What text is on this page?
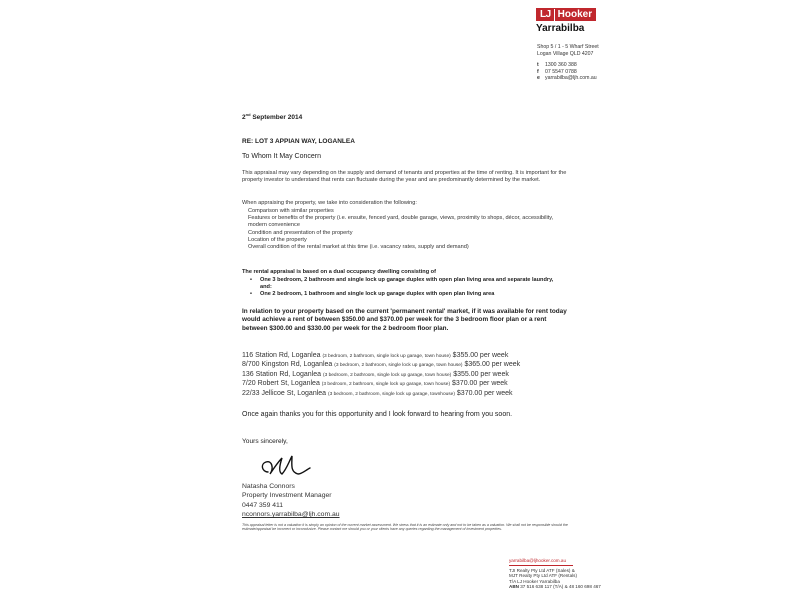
LJ Hooker
Yarrabilba
Shop 5 / 1 - 5 Wharf Street
Logan Village QLD 4207
t 1300 360 388
f 07 5547 0788
e yarrabilba@ljh.com.au
2nd September 2014
RE: LOT 3 APPIAN WAY, LOGANLEA
To Whom It May Concern
This appraisal may vary depending on the supply and demand of tenants and properties at the time of renting. It is important for the property investor to understand that rents can fluctuate during the year and are predominantly determined by the market.
When appraising the property, we take into consideration the following:
Comparison with similar properties
Features or benefits of the property (i.e. ensuite, fenced yard, double garage, views, proximity to shops, décor, accessibility, modern convenience
Condition and presentation of the property
Location of the property
Overall condition of the rental market at this time (i.e. vacancy rates, supply and demand)
The rental appraisal is based on a dual occupancy dwelling consisting of
• One 3 bedroom, 2 bathroom and single lock up garage duplex with open plan living area and separate laundry, and:
• One 2 bedroom, 1 bathroom and single lock up garage duplex with open plan living area
In relation to your property based on the current 'permanent rental' market, if it was available for rent today would achieve a rent of between $350.00 and $370.00 per week for the 3 bedroom floor plan or a rent between $300.00 and $330.00 per week for the 2 bedroom floor plan.
116 Station Rd, Loganlea (3 bedroom, 2 bathroom, single lock up garage, town house) $355.00 per week
8/700 Kingston Rd, Loganlea (3 bedroom, 2 bathroom, single lock up garage, town house) $365.00 per week
136 Station Rd, Loganlea (3 bedroom, 2 bathroom, single lock up garage, town house) $355.00 per week
7/20 Robert St, Loganlea (3 bedroom, 2 bathroom, single lock up garage, town house) $370.00 per week
22/33 Jellicoe St, Loganlea (3 bedroom, 2 bathroom, single lock up garage, townhouse) $370.00 per week
Once again thanks you for this opportunity and I look forward to hearing from you soon.
Yours sincerely,
Natasha Connors
Property Investment Manager
0447 359 411
nconnors.yarrabilba@ljh.com.au
This appraisal letter is not a valuation it is simply an opinion of the current market assessment. We stress that it is an estimate only and not to be taken as a valuation. We shall not be responsible should the estimate/appraisal be incorrect or inconclusive. Please contact me should you or your clients have any queries regarding the management of investment properties.
yarrabilba@ljhooker.com.au
TJI Realty Pty Ltd ATF (Sales) &
MJT Realty Pty Ltd ATF (Rentals)
T/A LJ Hooker Yarrabilba
ABN 37 516 638 117 (T/A) & 48 160 698 467
